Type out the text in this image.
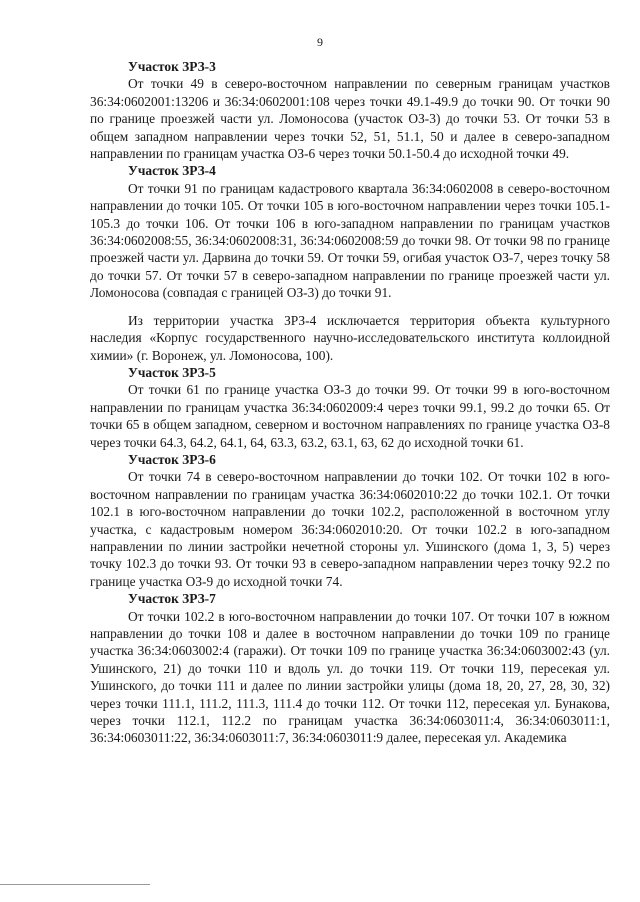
9

Участок ЗРЗ-3

От точки 49 в северо-восточном направлении по северным границам участков 36:34:0602001:13206 и 36:34:0602001:108 через точки 49.1-49.9 до точки 90. От точки 90 по границе проезжей части ул. Ломоносова (участок ОЗ-3) до точки 53. От точки 53 в общем западном направлении через точки 52, 51, 51.1, 50 и далее в северо-западном направлении по границам участка ОЗ-6 через точки 50.1-50.4 до исходной точки 49.

Участок ЗРЗ-4

От точки 91 по границам кадастрового квартала 36:34:0602008 в северо-восточном направлении до точки 105. От точки 105 в юго-восточном направлении через точки 105.1-105.3 до точки 106. От точки 106 в юго-западном направлении по границам участков 36:34:0602008:55, 36:34:0602008:31, 36:34:0602008:59 до точки 98. От точки 98 по границе проезжей части ул. Дарвина до точки 59. От точки 59, огибая участок ОЗ-7, через точку 58 до точки 57. От точки 57 в северо-западном направлении по границе проезжей части ул. Ломоносова (совпадая с границей ОЗ-3) до точки 91.

Из территории участка ЗРЗ-4 исключается территория объекта культурного наследия «Корпус государственного научно-исследовательского института коллоидной химии» (г. Воронеж, ул. Ломоносова, 100).

Участок ЗРЗ-5

От точки 61 по границе участка ОЗ-3 до точки 99. От точки 99 в юго-восточном направлении по границам участка 36:34:0602009:4 через точки 99.1, 99.2 до точки 65. От точки 65 в общем западном, северном и восточном направлениях по границе участка ОЗ-8 через точки 64.3, 64.2, 64.1, 64, 63.3, 63.2, 63.1, 63, 62 до исходной точки 61.

Участок ЗРЗ-6

От точки 74 в северо-восточном направлении до точки 102. От точки 102 в юго-восточном направлении по границам участка 36:34:0602010:22 до точки 102.1. От точки 102.1 в юго-восточном направлении до точки 102.2, расположенной в восточном углу участка, с кадастровым номером 36:34:0602010:20. От точки 102.2 в юго-западном направлении по линии застройки нечетной стороны ул. Ушинского (дома 1, 3, 5) через точку 102.3 до точки 93. От точки 93 в северо-западном направлении через точку 92.2 по границе участка ОЗ-9 до исходной точки 74.

Участок ЗРЗ-7

От точки 102.2 в юго-восточном направлении до точки 107. От точки 107 в южном направлении до точки 108 и далее в восточном направлении до точки 109 по границе участка 36:34:0603002:4 (гаражи). От точки 109 по границе участка 36:34:0603002:43 (ул. Ушинского, 21) до точки 110 и вдоль ул. до точки 119. От точки 119, пересекая ул. Ушинского, до точки 111 и далее по линии застройки улицы (дома 18, 20, 27, 28, 30, 32) через точки 111.1, 111.2, 111.3, 111.4 до точки 112. От точки 112, пересекая ул. Бунакова, через точки 112.1, 112.2 по границам участка 36:34:0603011:4, 36:34:0603011:1, 36:34:0603011:22, 36:34:0603011:7, 36:34:0603011:9 далее, пересекая ул. Академика
